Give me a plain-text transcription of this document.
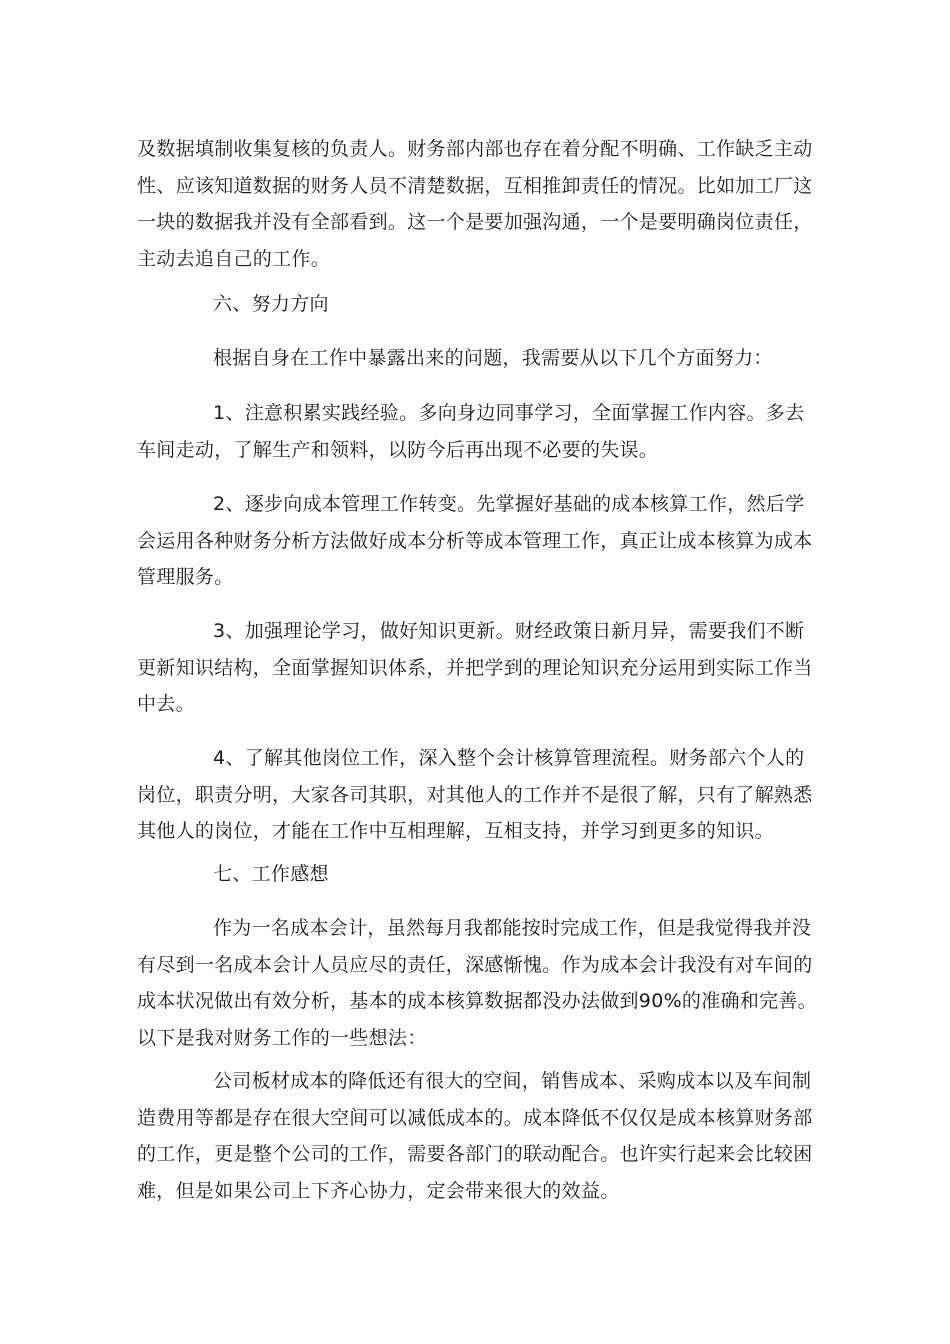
及数据填制收集复核的负责人。财务部内部也存在着分配不明确、工作缺乏主动
性、应该知道数据的财务人员不清楚数据，互相推卸责任的情况。比如加工厂这
一块的数据我并没有全部看到。这一个是要加强沟通，一个是要明确岗位责任，
主动去追自己的工作。

六、努力方向

根据自身在工作中暴露出来的问题，我需要从以下几个方面努力：

1、注意积累实践经验。多向身边同事学习，全面掌握工作内容。多去
车间走动，了解生产和领料，以防今后再出现不必要的失误。

2、逐步向成本管理工作转变。先掌握好基础的成本核算工作，然后学
会运用各种财务分析方法做好成本分析等成本管理工作，真正让成本核算为成本
管理服务。

3、加强理论学习，做好知识更新。财经政策日新月异，需要我们不断
更新知识结构，全面掌握知识体系，并把学到的理论知识充分运用到实际工作当
中去。

4、了解其他岗位工作，深入整个会计核算管理流程。财务部六个人的
岗位，职责分明，大家各司其职，对其他人的工作并不是很了解，只有了解熟悉
其他人的岗位，才能在工作中互相理解，互相支持，并学习到更多的知识。

七、工作感想

作为一名成本会计，虽然每月我都能按时完成工作，但是我觉得我并没
有尽到一名成本会计人员应尽的责任，深感惭愧。作为成本会计我没有对车间的
成本状况做出有效分析，基本的成本核算数据都没办法做到90%的准确和完善。
以下是我对财务工作的一些想法：

公司板材成本的降低还有很大的空间，销售成本、采购成本以及车间制
造费用等都是存在很大空间可以减低成本的。成本降低不仅仅是成本核算财务部
的工作，更是整个公司的工作，需要各部门的联动配合。也许实行起来会比较困
难，但是如果公司上下齐心协力，定会带来很大的效益。
